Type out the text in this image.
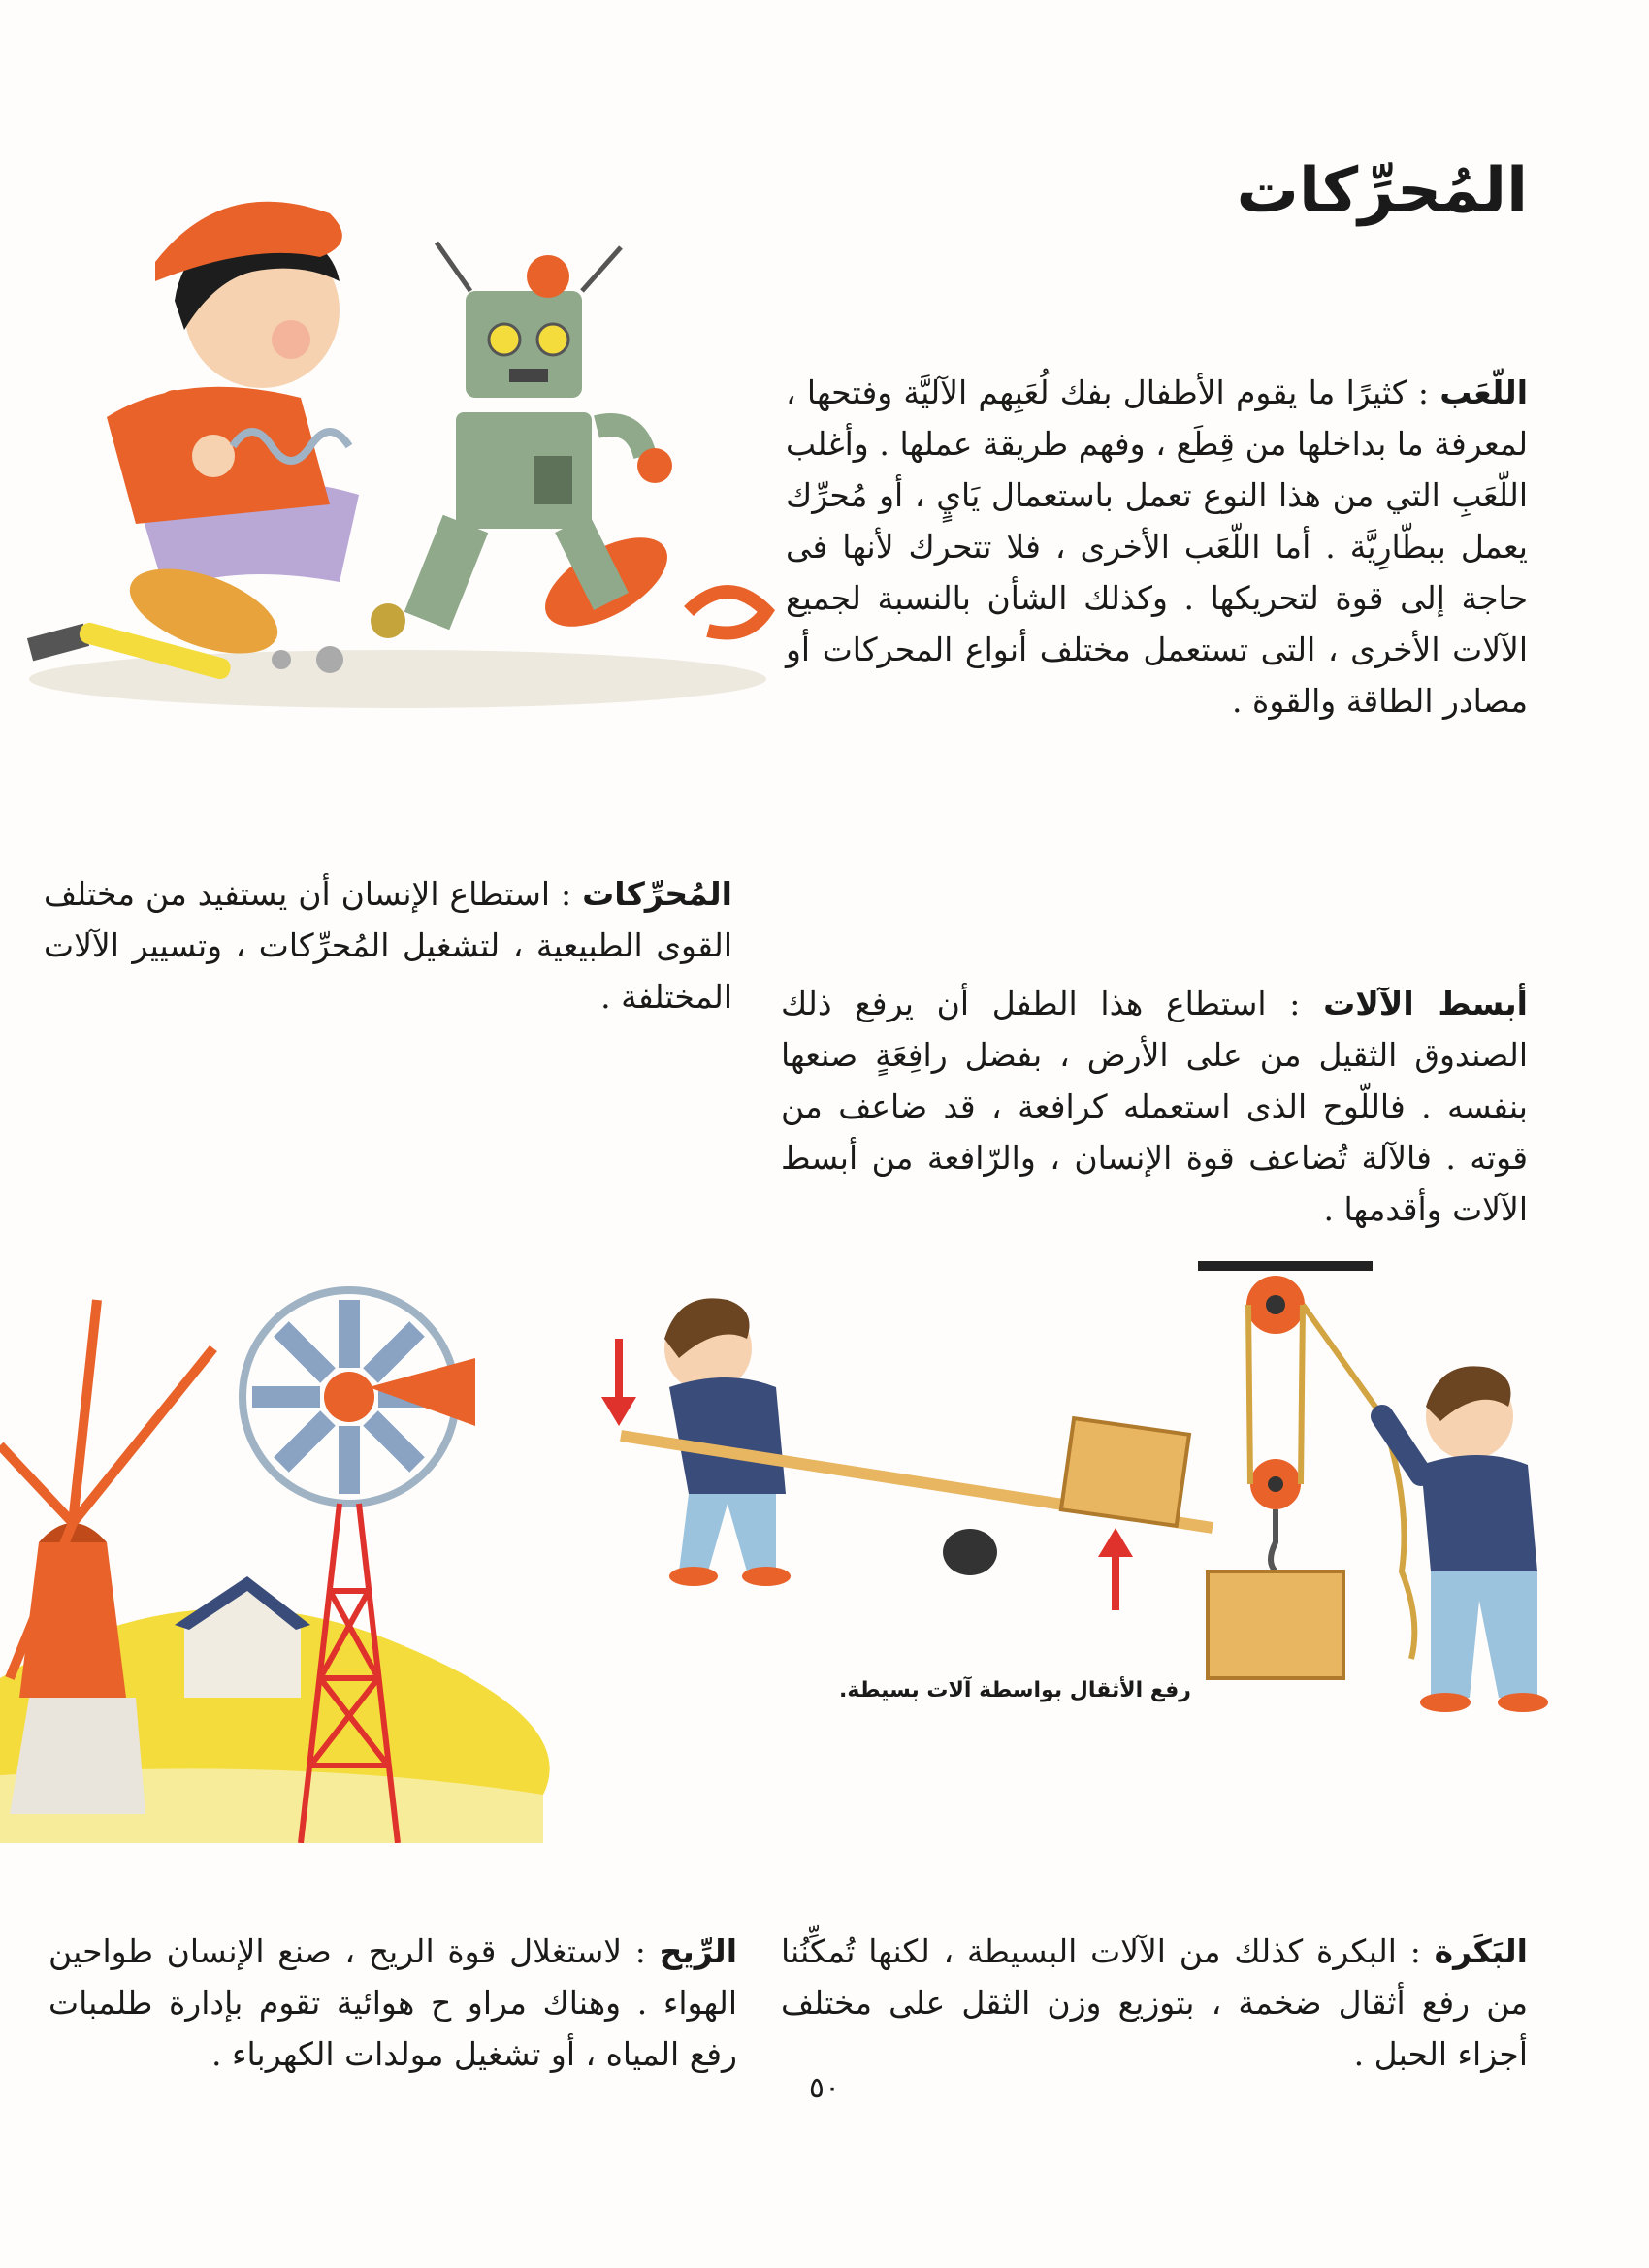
المُحرِّكات

اللّعَب : كثيرًا ما يقوم الأطفال بفك لُعَبِهم الآليَّة وفتحها ، لمعرفة ما بداخلها من قِطَع ، وفهم طريقة عملها . وأغلب اللّعَبِ التي من هذا النوع تعمل باستعمال يَايٍ ، أو مُحرِّك يعمل ببطّارِيَّة . أما اللّعَب الأخرى ، فلا تتحرك لأنها فى حاجة إلى قوة لتحريكها . وكذلك الشأن بالنسبة لجميع الآلات الأخرى ، التى تستعمل مختلف أنواع المحركات أو مصادر الطاقة والقوة .

المُحرِّكات : استطاع الإنسان أن يستفيد من مختلف القوى الطبيعية ، لتشغيل المُحرِّكات ، وتسيير الآلات المختلفة .	أبسط الآلات : استطاع هذا الطفل أن يرفع ذلك الصندوق الثقيل من على الأرض ، بفضل رافِعَةٍ صنعها بنفسه . فاللّوح الذى استعمله كرافعة ، قد ضاعف من قوته . فالآلة تُضاعف قوة الإنسان ، والرّافعة من أبسط الآلات وأقدمها .

رفع الأثقال بواسطة آلات بسيطة.

البَكَرة : البكرة كذلك من الآلات البسيطة ، لكنها تُمكِّنُنا من رفع أثقال ضخمة ، بتوزيع وزن الثقل على مختلف أجزاء الحبل .

الرِّيح : لاستغلال قوة الريح ، صنع الإنسان طواحين الهواء . وهناك مراو ح هوائية تقوم بإدارة طلمبات رفع المياه ، أو تشغيل مولدات الكهرباء .

٥٠
